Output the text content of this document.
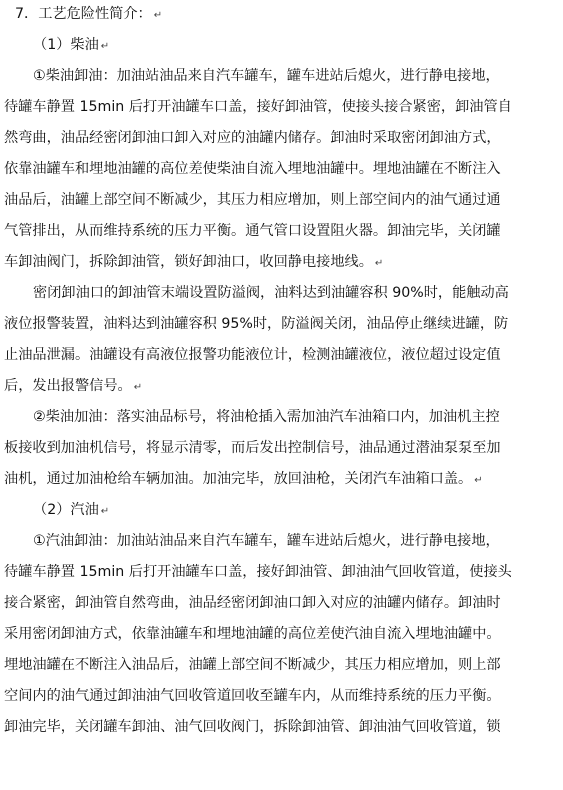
7．工艺危险性简介： ↵
（1）柴油 ↵
①柴油卸油：加油站油品来自汽车罐车，罐车进站后熄火，进行静电接地，
待罐车静置 15min 后打开油罐车口盖，接好卸油管，使接头接合紧密，卸油管自
然弯曲，油品经密闭卸油口卸入对应的油罐内储存。卸油时采取密闭卸油方式，
依靠油罐车和埋地油罐的高位差使柴油自流入埋地油罐中。埋地油罐在不断注入
油品后，油罐上部空间不断减少，其压力相应增加，则上部空间内的油气通过通
气管排出，从而维持系统的压力平衡。通气管口设置阻火器。卸油完毕，关闭罐
车卸油阀门，拆除卸油管，锁好卸油口，收回静电接地线。 ↵
密闭卸油口的卸油管末端设置防溢阀，油料达到油罐容积 90%时，能触动高
液位报警装置，油料达到油罐容积 95%时，防溢阀关闭，油品停止继续进罐，防
止油品泄漏。油罐设有高液位报警功能液位计，检测油罐液位，液位超过设定值
后，发出报警信号。 ↵
②柴油加油：落实油品标号，将油枪插入需加油汽车油箱口内，加油机主控
板接收到加油机信号，将显示清零，而后发出控制信号，油品通过潜油泵泵至加
油机，通过加油枪给车辆加油。加油完毕，放回油枪，关闭汽车油箱口盖。 ↵
（2）汽油 ↵
①汽油卸油：加油站油品来自汽车罐车，罐车进站后熄火，进行静电接地，
待罐车静置 15min 后打开油罐车口盖，接好卸油管、卸油油气回收管道，使接头
接合紧密，卸油管自然弯曲，油品经密闭卸油口卸入对应的油罐内储存。卸油时
采用密闭卸油方式，依靠油罐车和埋地油罐的高位差使汽油自流入埋地油罐中。
埋地油罐在不断注入油品后，油罐上部空间不断减少，其压力相应增加，则上部
空间内的油气通过卸油油气回收管道回收至罐车内，从而维持系统的压力平衡。
卸油完毕，关闭罐车卸油、油气回收阀门，拆除卸油管、卸油油气回收管道，锁
